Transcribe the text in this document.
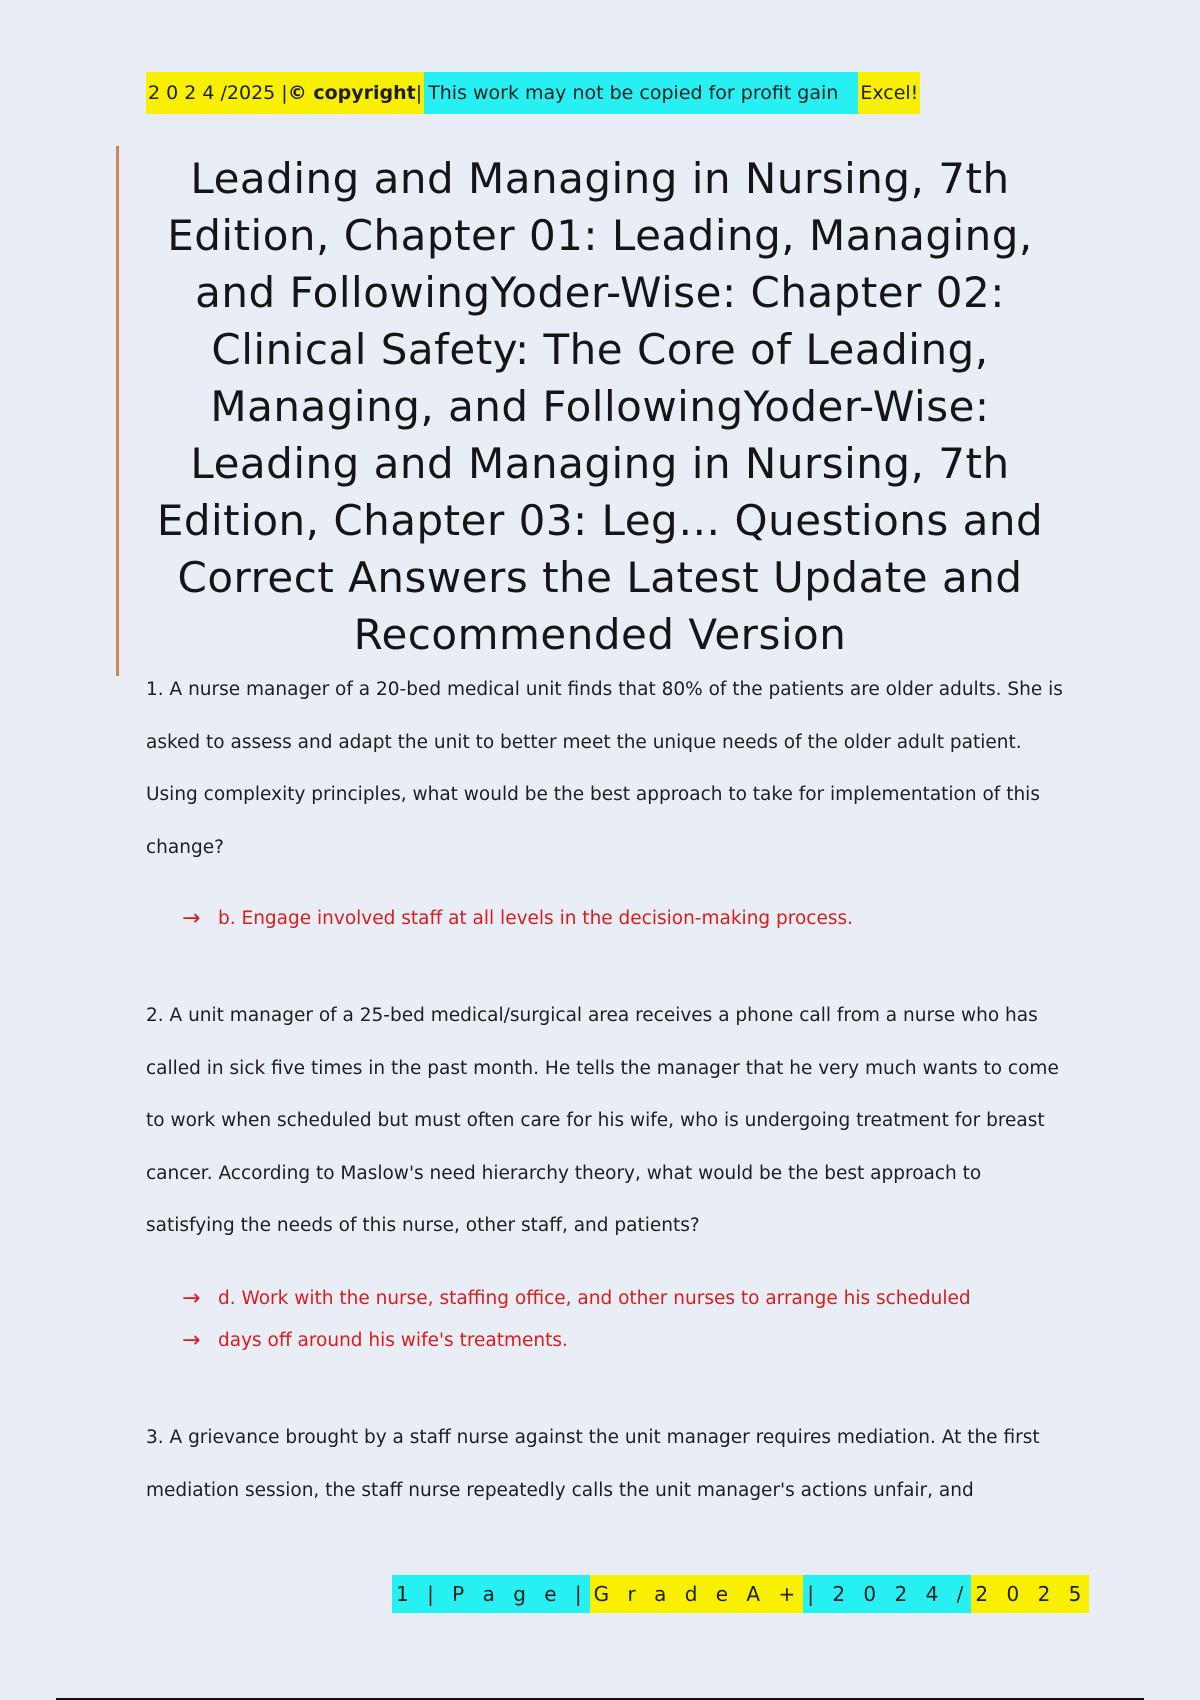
2 0 2 4 /2025 | © copyright | This work may not be copied for profit gain	Excel!
Leading and Managing in Nursing, 7th Edition, Chapter 01: Leading, Managing, and FollowingYoder-Wise: Chapter 02: Clinical Safety: The Core of Leading, Managing, and FollowingYoder-Wise: Leading and Managing in Nursing, 7th Edition, Chapter 03: Leg… Questions and Correct Answers the Latest Update and Recommended Version

1. A nurse manager of a 20-bed medical unit finds that 80% of the patients are older adults. She is asked to assess and adapt the unit to better meet the unique needs of the older adult patient. Using complexity principles, what would be the best approach to take for implementation of this change?

→ b. Engage involved staff at all levels in the decision-making process.

2. A unit manager of a 25-bed medical/surgical area receives a phone call from a nurse who has called in sick five times in the past month. He tells the manager that he very much wants to come to work when scheduled but must often care for his wife, who is undergoing treatment for breast cancer. According to Maslow's need hierarchy theory, what would be the best approach to satisfying the needs of this nurse, other staff, and patients?

→ d. Work with the nurse, staffing office, and other nurses to arrange his scheduled
→ days off around his wife's treatments.

3. A grievance brought by a staff nurse against the unit manager requires mediation. At the first mediation session, the staff nurse repeatedly calls the unit manager's actions unfair, and

1 | P a g e | G r a d e A + | 2 0 2 4 / 2 0 2 5
